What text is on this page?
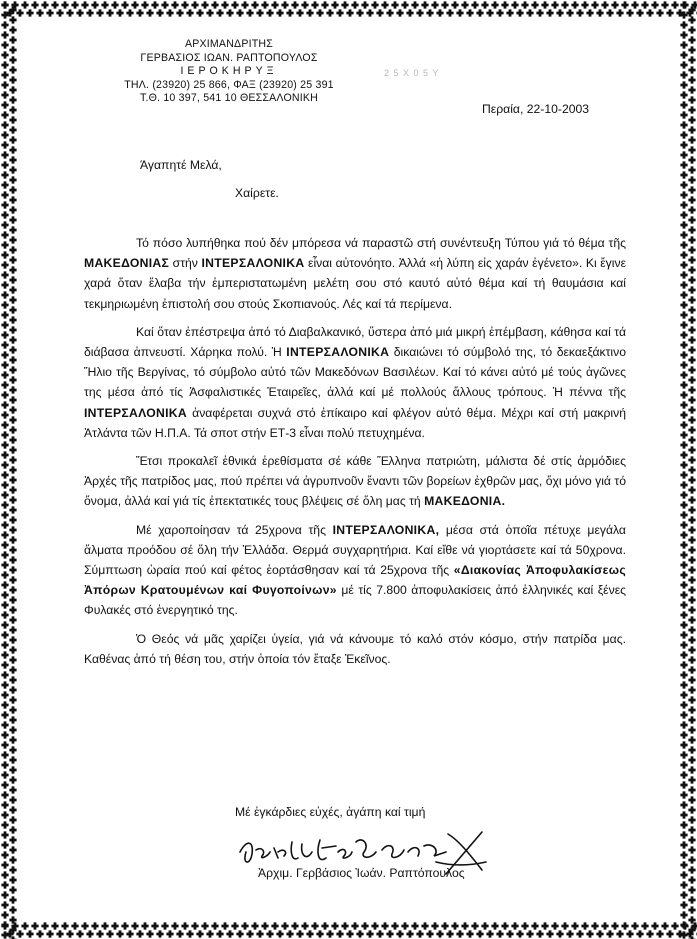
ΑΡΧΙΜΑΝΔΡΙΤΗΣ
ΓΕΡΒΑΣΙΟΣ ΙΩΑΝ. ΡΑΠΤΟΠΟΥΛΟΣ
ΙΕΡΟΚΗΡΥΞ
ΤΗΛ. (23920) 25 866, ΦΑΞ (23920) 25 391
Τ.Θ. 10 397, 541 10 ΘΕΣΣΑΛΟΝΙΚΗ
2 5 X 0 5 Y
Περαία, 22-10-2003
Άγαπητέ Μελά,
Χαίρετε.

Τό πόσο λυπήθηκα πού δέν μπόρεσα νά παραστῶ στή συνέντευξη Τύπου γιά τό θέμα τῆς ΜΑΚΕΔΟΝΙΑΣ στήν ΙΝΤΕΡΣΑΛΟΝΙΚΑ εἶναι αὐτονόητο. Ἀλλά «ἡ λύπη εἰς χαράν ἐγένετο». Κι ἔγινε χαρά ὅταν ἔλαβα τήν ἐμπεριστατωμένη μελέτη σου στό καυτό αὐτό θέμα καί τή θαυμάσια καί τεκμηριωμένη ἐπιστολή σου στούς Σκοπιανούς. Λές καί τά περίμενα.

Καί ὅταν ἐπέστρεψα ἀπό τό Διαβαλκανικό, ὕστερα ἀπό μιά μικρή ἐπέμβαση, κάθησα καί τά διάβασα ἀπνευστί. Χάρηκα πολύ. Ἡ ΙΝΤΕΡΣΑΛΟΝΙΚΑ δικαιώνει τό σύμβολό της, τό δεκαεξάκτινο Ἥλιο τῆς Βεργίνας, τό σύμβολο αὐτό τῶν Μακεδόνων Βασιλέων. Καί τό κάνει αὐτό μέ τούς ἀγῶνες της μέσα ἀπό τίς Ἀσφαλιστικές Ἑταιρεῖες, ἀλλά καί μέ πολλούς ἄλλους τρόπους. Ἡ πέννα τῆς ΙΝΤΕΡΣΑΛΟΝΙΚΑ ἀναφέρεται συχνά στό ἐπίκαιρο καί φλέγον αὐτό θέμα. Μέχρι καί στή μακρινή Ἀτλάντα τῶν Η.Π.Α. Τά σποτ στήν ΕΤ-3 εἶναι πολύ πετυχημένα.

Ἔτσι προκαλεῖ ἐθνικά ἐρεθίσματα σέ κάθε Ἕλληνα πατριώτη, μάλιστα δέ στίς ἁρμόδιες Ἀρχές τῆς πατρίδος μας, πού πρέπει νά ἀγρυπνοῦν ἔναντι τῶν βορείων ἐχθρῶν μας, ὄχι μόνο γιά τό ὄνομα, ἀλλά καί γιά τίς ἐπεκτατικές τους βλέψεις σέ ὅλη μας τή ΜΑΚΕΔΟΝΙΑ.

Μέ χαροποίησαν τά 25χρονα τῆς ΙΝΤΕΡΣΑΛΟΝΙΚΑ, μέσα στά ὁποῖα πέτυχε μεγάλα ἅλματα προόδου σέ ὅλη τήν Ἑλλάδα. Θερμά συγχαρητήρια. Καί εἴθε νά γιορτάσετε καί τά 50χρονα. Σύμπτωση ὡραία πού καί φέτος ἑορτάσθησαν καί τά 25χρονα τῆς «Διακονίας Ἀποφυλακίσεως Ἀπόρων Κρατουμένων καί Φυγοποίνων» μέ τίς 7.800 ἀποφυλακίσεις ἀπό ἑλληνικές καί ξένες Φυλακές στό ἐνεργητικό της.

Ὁ Θεός νά μᾶς χαρίζει ὑγεία, γιά νά κάνουμε τό καλό στόν κόσμο, στήν πατρίδα μας. Καθένας ἀπό τή θέση του, στήν ὁποία τόν ἔταξε Ἐκεῖνος.

Μέ ἐγκάρδιες εὐχές, ἀγάπη καί τιμή
Ἀρχιμ. Γερβάσιος Ἰωάν. Ραπτόπουλος
